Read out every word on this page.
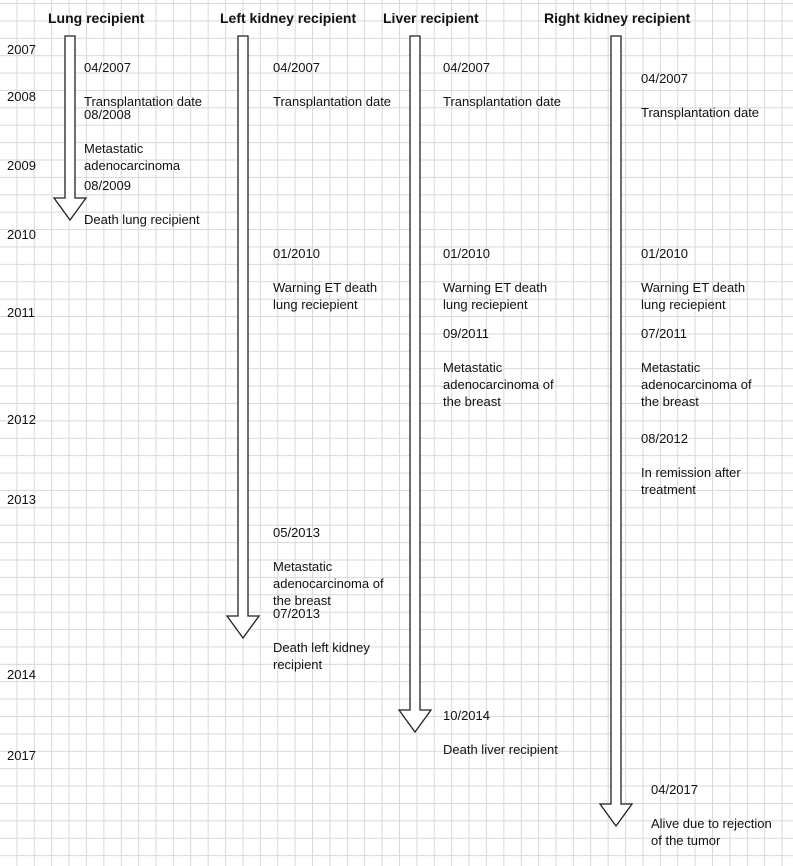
Lung recipient	Left kidney recipient Liver recipient	Right kidney recipient
2007
2008
2009
2010
2011
2012
2013
2014
2017

04/2007

Transplantation date

08/2008

Metastatic
adenocarcinoma

08/2009

Death lung recipient

04/2007

Transplantation date

01/2010

Warning ET death
lung reciepient

05/2013

Metastatic
adenocarcinoma of
the breast

07/2013

Death left kidney
recipient

04/2007

Transplantation date

01/2010

Warning ET death
lung reciepient

09/2011

Metastatic
adenocarcinoma of
the breast

10/2014

Death liver recipient

04/2007

Transplantation date

01/2010

Warning ET death
lung reciepient

07/2011

Metastatic
adenocarcinoma of
the breast

08/2012

In remission after
treatment

04/2017

Alive due to rejection
of the tumor
